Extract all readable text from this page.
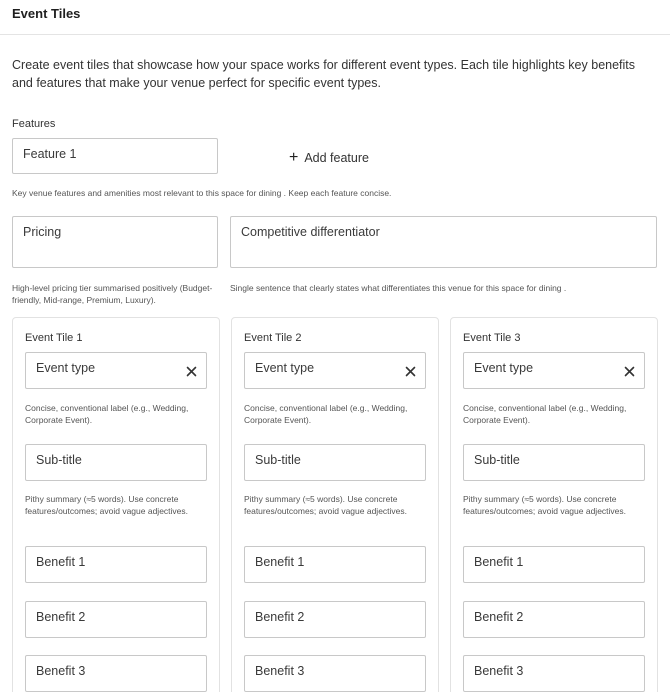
Event Tiles
Create event tiles that showcase how your space works for different event types. Each tile highlights key benefits and features that make your venue perfect for specific event types.
Features
Feature 1	+ Add feature
Key venue features and amenities most relevant to this space for dining . Keep each feature concise.
Pricing	Competitive differentiator
High-level pricing tier summarised positively (Budget-friendly, Mid-range, Premium, Luxury).
Single sentence that clearly states what differentiates this venue for this space for dining .
Event Tile 1
Event type
Concise, conventional label (e.g., Wedding, Corporate Event).
Sub-title
Pithy summary (≈5 words). Use concrete features/outcomes; avoid vague adjectives.
Benefit 1
Benefit 2
Benefit 3
Event Tile 2
Event type
Concise, conventional label (e.g., Wedding, Corporate Event).
Sub-title
Pithy summary (≈5 words). Use concrete features/outcomes; avoid vague adjectives.
Benefit 1
Benefit 2
Benefit 3
Event Tile 3
Event type
Concise, conventional label (e.g., Wedding, Corporate Event).
Sub-title
Pithy summary (≈5 words). Use concrete features/outcomes; avoid vague adjectives.
Benefit 1
Benefit 2
Benefit 3
